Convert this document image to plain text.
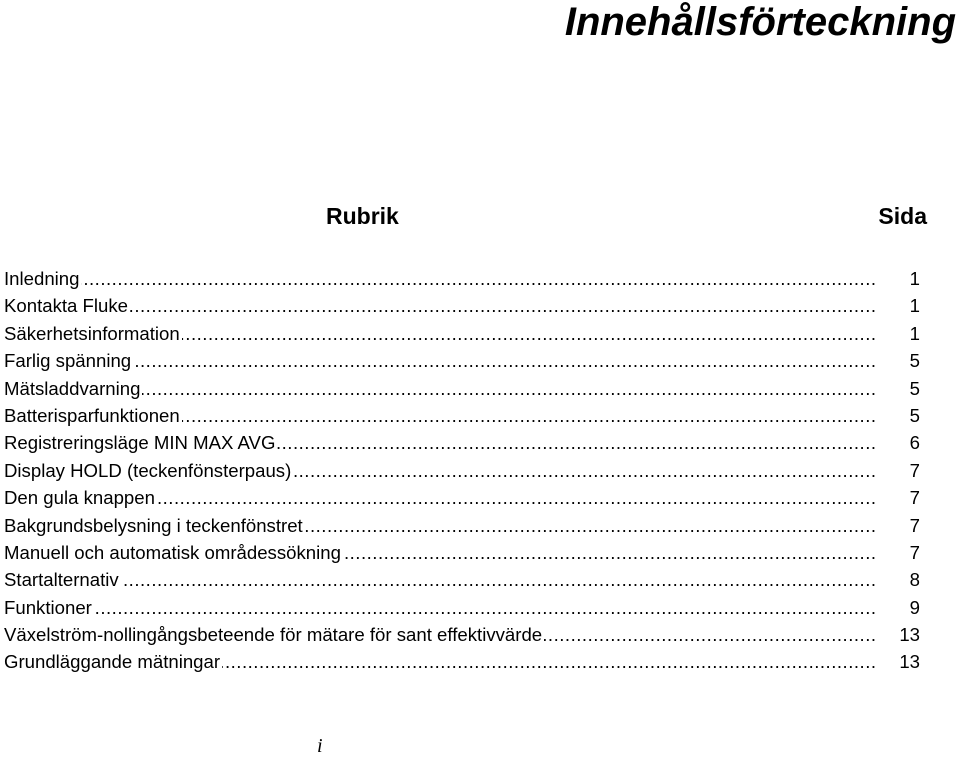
Innehållsförteckning
Rubrik	Sida
Inledning .....	1
Kontakta Fluke .....	1
Säkerhetsinformation .....	1
Farlig spänning .....	5
Mätsladdvarning .....	5
Batterisparfunktionen .....	5
Registreringsläge MIN MAX AVG .....	6
Display HOLD (teckenfönsterpaus) .....	7
Den gula knappen .....	7
Bakgrundsbelysning i teckenfönstret .....	7
Manuell och automatisk områdessökning .....	7
Startalternativ .....	8
Funktioner .....	9
Växelström-nollingångsbeteende för mätare för sant effektivvärde .....	13
Grundläggande mätningar .....	13
i
